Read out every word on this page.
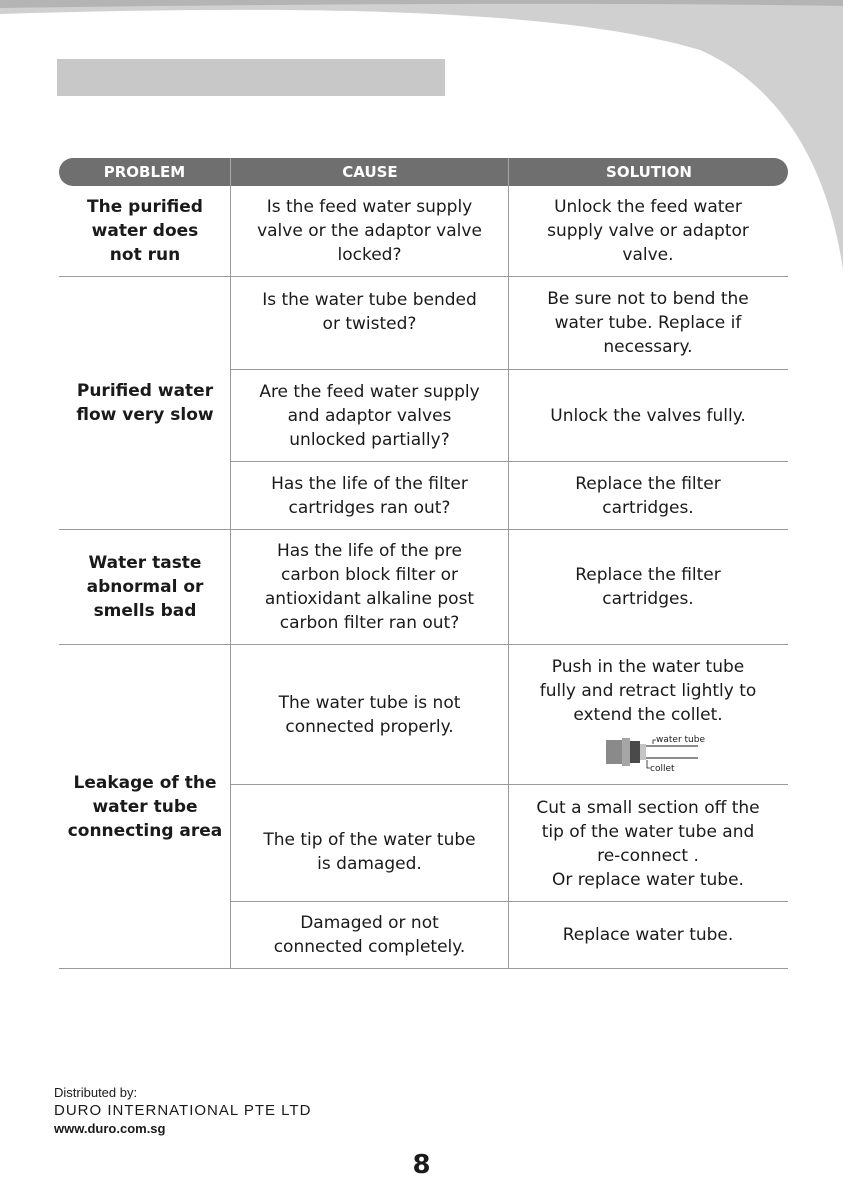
PROBLEM	CAUSE	SOLUTION
The purified
water does
not run
Is the feed water supply
valve or the adaptor valve
locked?
Unlock the feed water
supply valve or adaptor
valve.
Purified water
flow very slow
Is the water tube bended
or twisted?
Be sure not to bend the
water tube. Replace if
necessary.
Are the feed water supply
and adaptor valves
unlocked partially?
Unlock the valves fully.
Has the life of the filter
cartridges ran out?
Replace the filter
cartridges.
Water taste
abnormal or
smells bad
Has the life of the pre
carbon block filter or
antioxidant alkaline post
carbon filter ran out?
Replace the filter
cartridges.
Leakage of the
water tube
connecting area
The water tube is not
connected properly.
Push in the water tube
fully and retract lightly to
extend the collet.
water tube
collet
The tip of the water tube
is damaged.
Cut a small section off the
tip of the water tube and
re-connect .
Or replace water tube.
Damaged or not
connected completely.
Replace water tube.
Distributed by:
DURO INTERNATIONAL PTE LTD
www.duro.com.sg
8
